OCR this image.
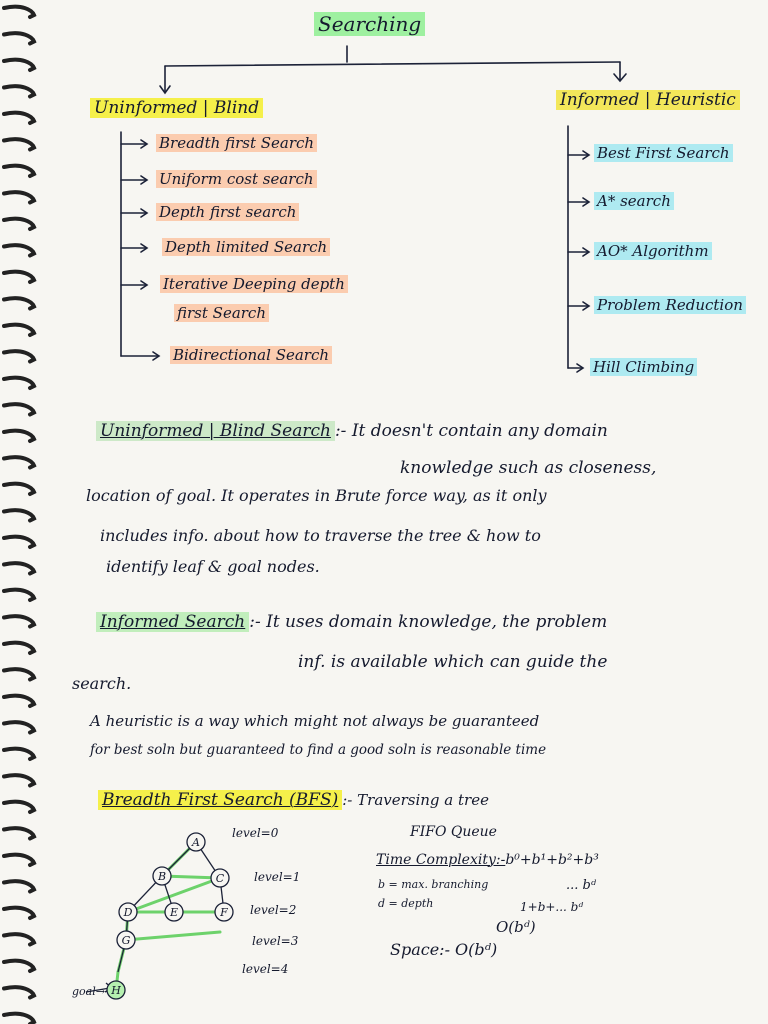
Searching
Uninformed | Blind	Informed | Heuristic
Breadth first Search
Uniform cost search
Depth first search
Depth limited Search
Iterative Deeping depth
first Search
Bidirectional Search
Best First Search
A* search
AO* Algorithm
Problem Reduction
Hill Climbing
Uninformed | Blind Search :- It doesn't contain any domain
knowledge such as closeness,
location of goal. It operates in Brute force way, as it only
includes info. about how to traverse the tree & how to
identify leaf & goal nodes.
Informed Search :- It uses domain knowledge, the problem
inf. is available which can guide the
search.
A heuristic is a way which might not always be guaranteed
for best soln but guaranteed to find a good soln is reasonable time
Breadth First Search (BFS) :- Traversing a tree
FIFO Queue
Time Complexity:-b⁰+b¹+b²+b³
... bᵈ
b = max. branching
d = depth	1+b+... bᵈ
O(bᵈ)
Space:- O(bᵈ)
level=0
level=1
level=2
level=3
level=4
A
B	C
D	E	F
G
H
goal→
